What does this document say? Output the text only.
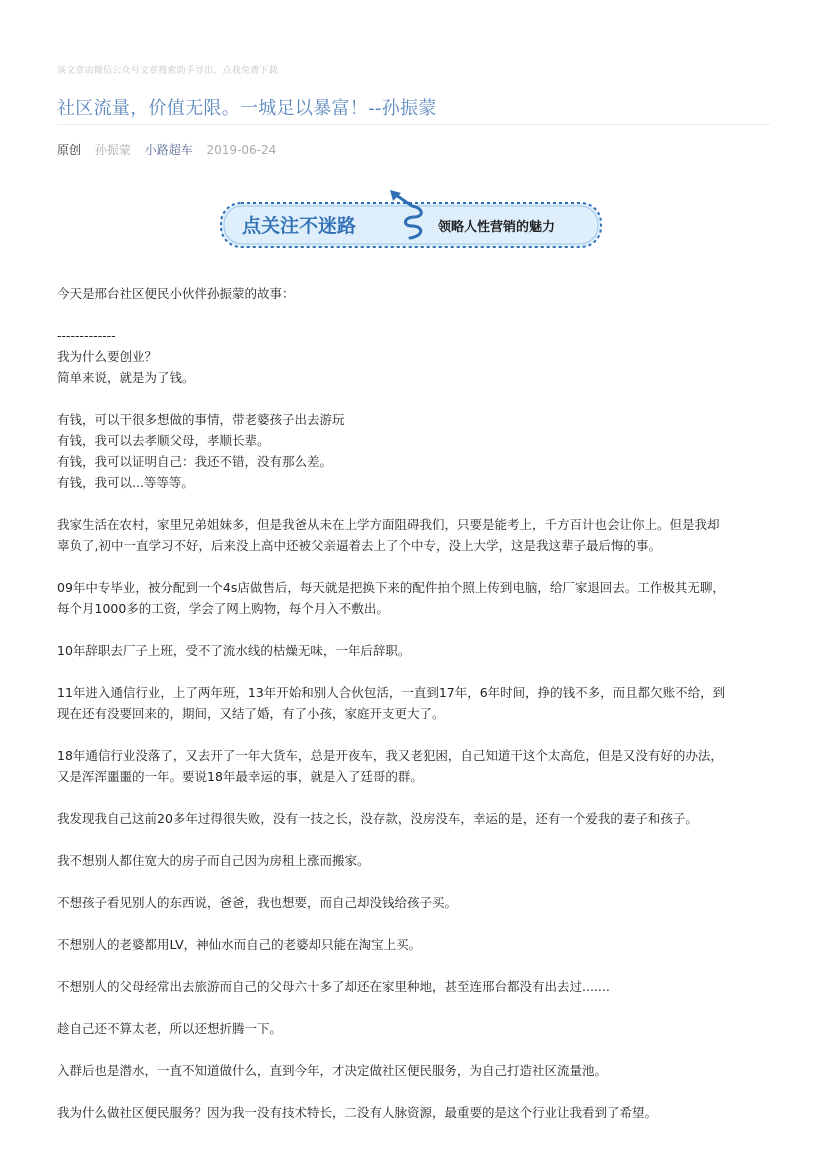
该文章由微信公众号文章搜索助手导出，点我免费下载
社区流量，价值无限。一城足以暴富！--孙振蒙
原创 孙振蒙 小路超车 2019-06-24
点关注不迷路	领略人性营销的魅力

今天是邢台社区便民小伙伴孙振蒙的故事：

-------------

我为什么要创业？

简单来说，就是为了钱。

有钱，可以干很多想做的事情，带老婆孩子出去游玩

有钱，我可以去孝顺父母，孝顺长辈。

有钱，我可以证明自己：我还不错，没有那么差。

有钱，我可以...等等等。

我家生活在农村，家里兄弟姐妹多，但是我爸从未在上学方面阻碍我们，只要是能考上，千方百计也会让你上。但是我却

辜负了,初中一直学习不好，后来没上高中还被父亲逼着去上了个中专，没上大学，这是我这辈子最后悔的事。

09年中专毕业，被分配到一个4s店做售后，每天就是把换下来的配件拍个照上传到电脑，给厂家退回去。工作极其无聊，

每个月1000多的工资，学会了网上购物，每个月入不敷出。

10年辞职去厂子上班，受不了流水线的枯燥无味，一年后辞职。

11年进入通信行业，上了两年班，13年开始和别人合伙包活，一直到17年，6年时间，挣的钱不多，而且都欠账不给，到

现在还有没要回来的，期间，又结了婚，有了小孩，家庭开支更大了。

18年通信行业没落了，又去开了一年大货车，总是开夜车，我又老犯困，自己知道干这个太高危，但是又没有好的办法，

又是浑浑噩噩的一年。要说18年最幸运的事，就是入了廷哥的群。

我发现我自己这前20多年过得很失败，没有一技之长，没存款，没房没车，幸运的是，还有一个爱我的妻子和孩子。

我不想别人都住宽大的房子而自己因为房租上涨而搬家。

不想孩子看见别人的东西说，爸爸，我也想要，而自己却没钱给孩子买。

不想别人的老婆都用LV，神仙水而自己的老婆却只能在淘宝上买。

不想别人的父母经常出去旅游而自己的父母六十多了却还在家里种地，甚至连邢台都没有出去过.......

趁自己还不算太老，所以还想折腾一下。

入群后也是潜水，一直不知道做什么，直到今年，才决定做社区便民服务，为自己打造社区流量池。

我为什么做社区便民服务？因为我一没有技术特长，二没有人脉资源，最重要的是这个行业让我看到了希望。
